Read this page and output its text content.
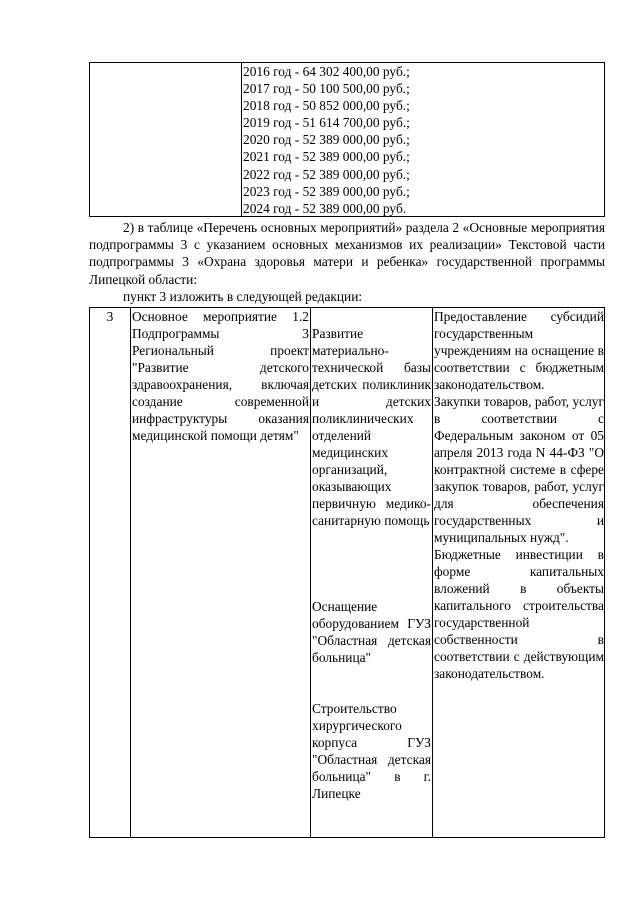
2016 год - 64 302 400,00 руб.;
2017 год - 50 100 500,00 руб.;
2018 год - 50 852 000,00 руб.;
2019 год - 51 614 700,00 руб.;
2020 год - 52 389 000,00 руб.;
2021 год - 52 389 000,00 руб.;
2022 год - 52 389 000,00 руб.;
2023 год - 52 389 000,00 руб.;
2024 год - 52 389 000,00 руб.

2) в таблице «Перечень основных мероприятий» раздела 2 «Основные мероприятия подпрограммы 3 с указанием основных механизмов их реализации» Текстовой части подпрограммы 3 «Охрана здоровья матери и ребенка» государственной программы Липецкой области:

пункт 3 изложить в следующей редакции:

3	Основное мероприятие 1.2 Подпрограммы 3 Региональный проект "Развитие детского здравоохранения, включая создание современной инфраструктуры оказания медицинской помощи детям"
Развитие материально-технической базы детских поликлиник и детских поликлинических отделений медицинских организаций, оказывающих первичную медико-санитарную помощь
Оснащение оборудованием ГУЗ "Областная детская больница"
Строительство хирургического корпуса ГУЗ "Областная детская больница" в г. Липецке

Предоставление субсидий государственным учреждениям на оснащение в соответствии с бюджетным законодательством.

Закупки товаров, работ, услуг в соответствии с Федеральным законом от 05 апреля 2013 года N 44-ФЗ "О контрактной системе в сфере закупок товаров, работ, услуг для обеспечения государственных и муниципальных нужд".

Бюджетные инвестиции в форме капитальных вложений в объекты капитального строительства государственной собственности в соответствии с действующим законодательством.
